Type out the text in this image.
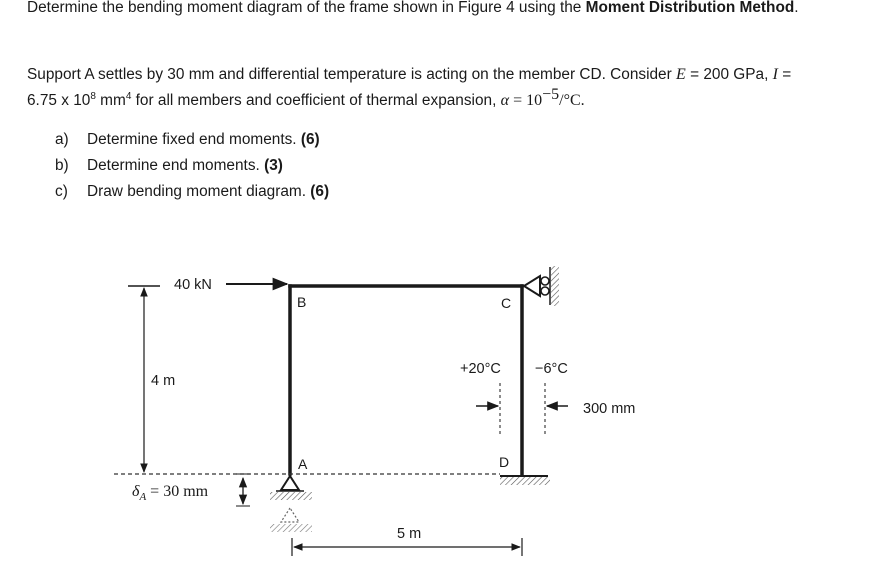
Determine the bending moment diagram of the frame shown in Figure 4 using the Moment Distribution Method.

Support A settles by 30 mm and differential temperature is acting on the member CD. Consider E = 200 GPa, I =
6.75 x $10^8$ $mm^4$ for all members and coefficient of thermal expansion, $\alpha = 10^{-5}/^\circ C$.

a) Determine fixed end moments. (6)
b) Determine end moments. (3)
c) Draw bending moment diagram. (6)
40 kN
4 m
5 m
$\delta_A = 30$ mm
B	C
A	D
+20°C −6°C
300 mm
